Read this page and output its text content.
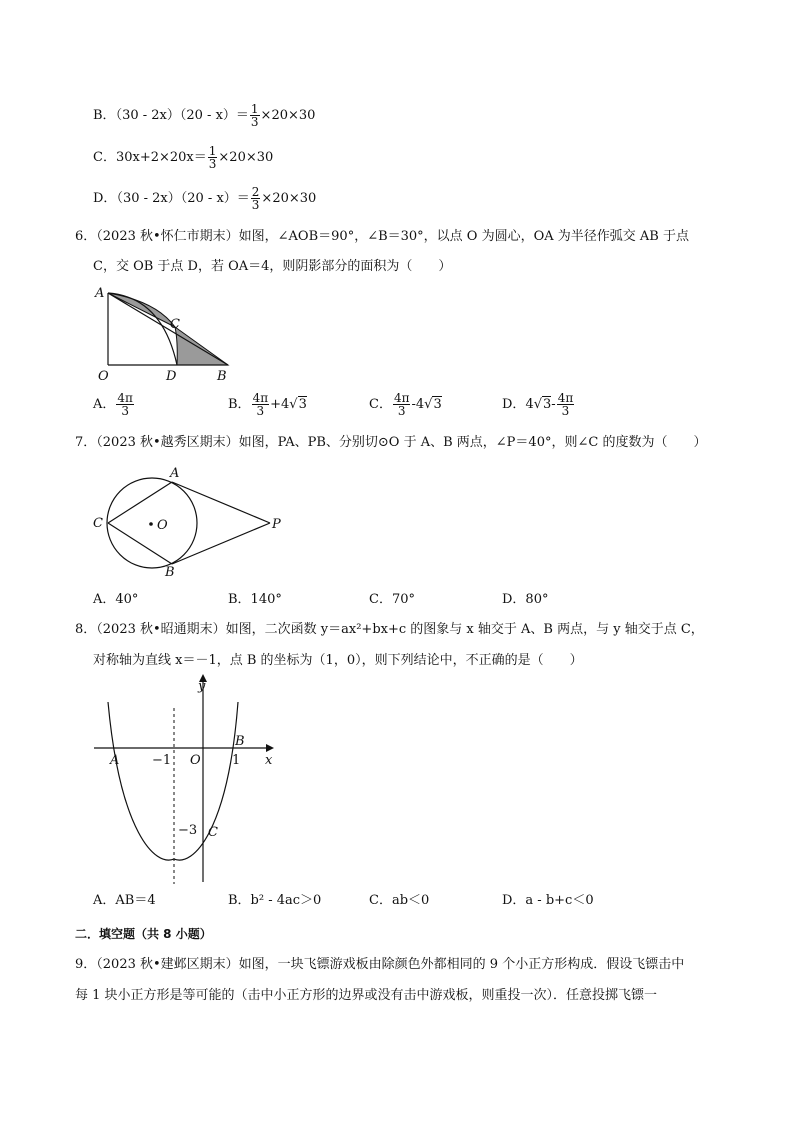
B．$(30 - 2x)(20 - x)= \frac{1}{3} \times 20\times 30$
C．$30x+2\times 20x= \frac{1}{3} \times 20\times 30$
D．$(30 - 2x)(20 - x)= \frac{2}{3} \times 20\times 30$
6．（2023 秋•怀仁市期末）如图，∠AOB＝90°，∠B＝30°，以点 O 为圆心，OA 为半径作弧交 AB 于点
C，交 OB 于点 D，若 OA＝4，则阴影部分的面积为（　　）
A
C
O	D	B
A． $\frac{4\pi}{3}$	B． $\frac{4\pi}{3} +4√3$	C． $\frac{4\pi}{3} -4√3$	D．$4√3- \frac{4\pi}{3}$
7．（2023 秋•越秀区期末）如图，PA、PB、分别切⊙O 于 A、B 两点，∠P＝40°，则∠C 的度数为（　　）
A
B
C	O	P
A．40°	B．140°	C．70°	D．80°
8．（2023 秋•昭通期末）如图，二次函数 y＝ax²+bx+c 的图象与 x 轴交于 A、B 两点，与 y 轴交于点 C，
对称轴为直线 x＝－1，点 B 的坐标为（1，0），则下列结论中，不正确的是（　　）
y
x
A
B
O
−1	1
−3 C
A．AB＝4	B．b² - 4ac＞0	C．ab＜0	D．a - b+c＜0
二．填空题（共 8 小题）
9．（2023 秋•建邺区期末）如图，一块飞镖游戏板由除颜色外都相同的 9 个小正方形构成．假设飞镖击中
每 1 块小正方形是等可能的（击中小正方形的边界或没有击中游戏板，则重投一次）．任意投掷飞镖一
